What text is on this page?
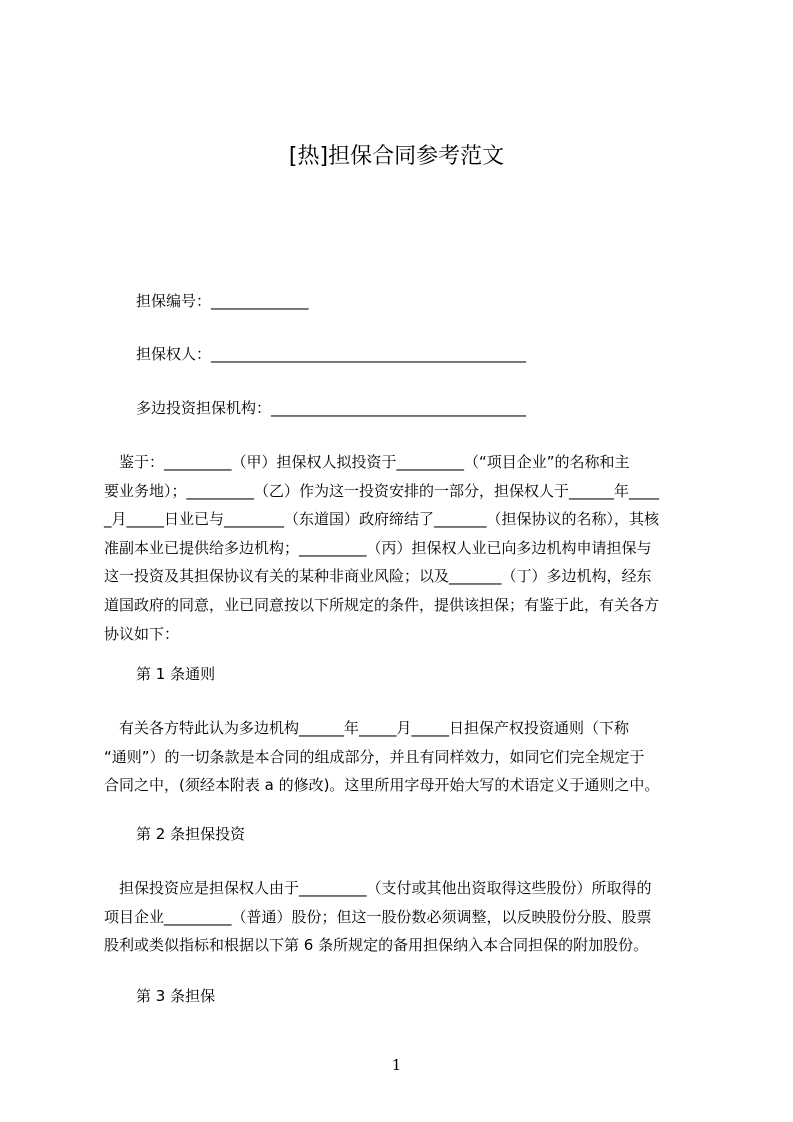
[热]担保合同参考范文
担保编号：_____________
担保权人：__________________________________________
多边投资担保机构：__________________________________

　鉴于：_________（甲）担保权人拟投资于_________（“项目企业”的名称和主

要业务地）；_________（乙）作为这一投资安排的一部分，担保权人于______年____

_月_____日业已与________（东道国）政府缔结了_______（担保协议的名称），其核

准副本业已提供给多边机构；_________（丙）担保权人业已向多边机构申请担保与

这一投资及其担保协议有关的某种非商业风险；以及_______（丁）多边机构，经东

道国政府的同意，业已同意按以下所规定的条件，提供该担保；有鉴于此，有关各方

协议如下：

第 1 条通则

　有关各方特此认为多边机构______年_____月_____日担保产权投资通则（下称

“通则”）的一切条款是本合同的组成部分，并且有同样效力，如同它们完全规定于

合同之中，(须经本附表 a 的修改)。这里所用字母开始大写的术语定义于通则之中。

第 2 条担保投资

　担保投资应是担保权人由于_________（支付或其他出资取得这些股份）所取得的

项目企业_________（普通）股份；但这一股份数必须调整，以反映股份分股、股票

股利或类似指标和根据以下第 6 条所规定的备用担保纳入本合同担保的附加股份。

第 3 条担保
1
